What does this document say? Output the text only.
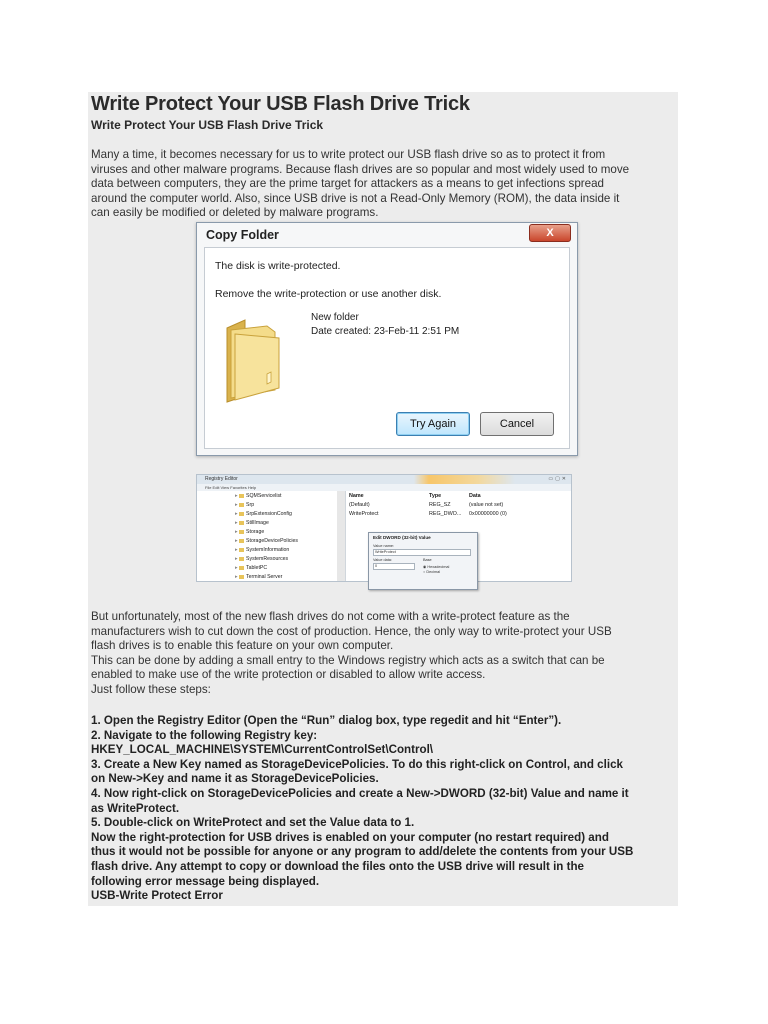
Write Protect Your USB Flash Drive Trick
Write Protect Your USB Flash Drive Trick
Many a time, it becomes necessary for us to write protect our USB flash drive so as to protect it from
viruses and other malware programs. Because flash drives are so popular and most widely used to move
data between computers, they are the prime target for attackers as a means to get infections spread
around the computer world. Also, since USB drive is not a Read-Only Memory (ROM), the data inside it
can easily be modified or deleted by malware programs.
Copy Folder	X
The disk is write-protected.
Remove the write-protection or use another disk.
New folder
Date created: 23-Feb-11 2:51 PM
Try Again	Cancel
Registry Editor	▭▢✕
File Edit View Favorites Help
▸ SQMServicelist
▸ Srp
▸ SrpExtensionConfig
▸ StillImage
▸ Storage
▸ StorageDevicePolicies
▸ SystemInformation
▸ SystemResources
▸ TabletPC
▸ Terminal Server
Name	Type	Data
(Default)	REG_SZ	(value not set)
WriteProtect	REG_DWO... 0x00000000 (0)
Edit DWORD (32-bit) Value
Value name:
WriteProtect
Value data:
0
Base
◉ Hexadecimal
○ Decimal
But unfortunately, most of the new flash drives do not come with a write-protect feature as the
manufacturers wish to cut down the cost of production. Hence, the only way to write-protect your USB
flash drives is to enable this feature on your own computer.
This can be done by adding a small entry to the Windows registry which acts as a switch that can be
enabled to make use of the write protection or disabled to allow write access.
Just follow these steps:
1. Open the Registry Editor (Open the “Run” dialog box, type regedit and hit “Enter”).
2. Navigate to the following Registry key:
HKEY_LOCAL_MACHINE\SYSTEM\CurrentControlSet\Control\
3. Create a New Key named as StorageDevicePolicies. To do this right-click on Control, and click
on New->Key and name it as StorageDevicePolicies.
4. Now right-click on StorageDevicePolicies and create a New->DWORD (32-bit) Value and name it
as WriteProtect.
5. Double-click on WriteProtect and set the Value data to 1.
Now the right-protection for USB drives is enabled on your computer (no restart required) and
thus it would not be possible for anyone or any program to add/delete the contents from your USB
flash drive. Any attempt to copy or download the files onto the USB drive will result in the
following error message being displayed.
USB-Write Protect Error
